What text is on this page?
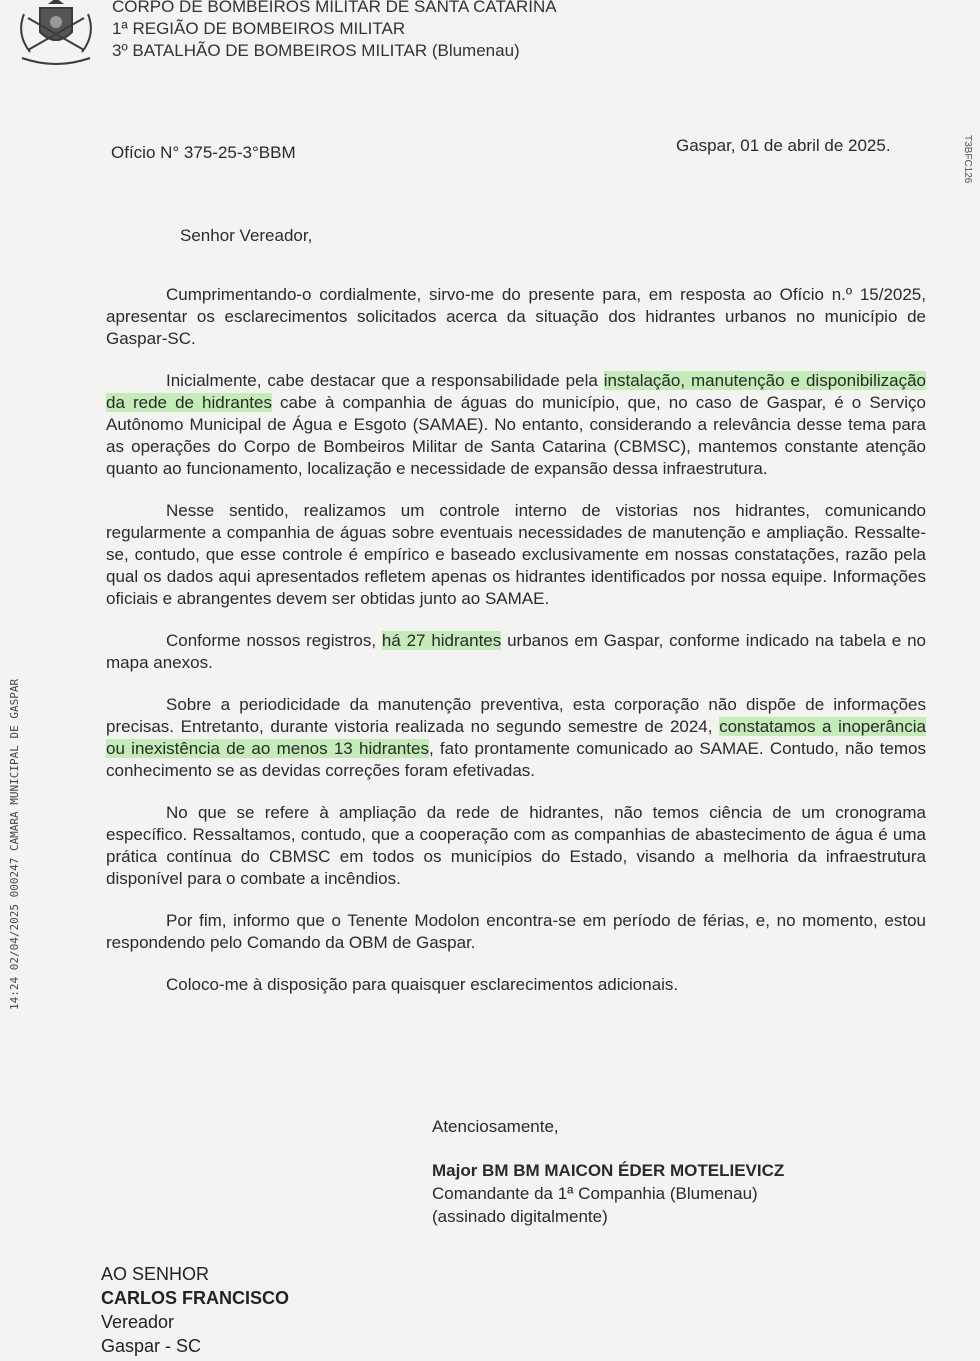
CORPO DE BOMBEIROS MILITAR DE SANTA CATARINA
1ª REGIÃO DE BOMBEIROS MILITAR
3º BATALHÃO DE BOMBEIROS MILITAR (Blumenau)
Ofício N° 375-25-3°BBM	Gaspar, 01 de abril de 2025.	T3BFC126
14:24 02/04/2025 000247 CAMARA MUNICIPAL DE GASPAR
Senhor Vereador,

Cumprimentando-o cordialmente, sirvo-me do presente para, em resposta ao Ofício n.º 15/2025, apresentar os esclarecimentos solicitados acerca da situação dos hidrantes urbanos no município de Gaspar-SC.

Inicialmente, cabe destacar que a responsabilidade pela instalação, manutenção e disponibilização da rede de hidrantes cabe à companhia de águas do município, que, no caso de Gaspar, é o Serviço Autônomo Municipal de Água e Esgoto (SAMAE). No entanto, considerando a relevância desse tema para as operações do Corpo de Bombeiros Militar de Santa Catarina (CBMSC), mantemos constante atenção quanto ao funcionamento, localização e necessidade de expansão dessa infraestrutura.

Nesse sentido, realizamos um controle interno de vistorias nos hidrantes, comunicando regularmente a companhia de águas sobre eventuais necessidades de manutenção e ampliação. Ressalte-se, contudo, que esse controle é empírico e baseado exclusivamente em nossas constatações, razão pela qual os dados aqui apresentados refletem apenas os hidrantes identificados por nossa equipe. Informações oficiais e abrangentes devem ser obtidas junto ao SAMAE.

Conforme nossos registros, há 27 hidrantes urbanos em Gaspar, conforme indicado na tabela e no mapa anexos.

Sobre a periodicidade da manutenção preventiva, esta corporação não dispõe de informações precisas. Entretanto, durante vistoria realizada no segundo semestre de 2024, constatamos a inoperância ou inexistência de ao menos 13 hidrantes, fato prontamente comunicado ao SAMAE. Contudo, não temos conhecimento se as devidas correções foram efetivadas.

No que se refere à ampliação da rede de hidrantes, não temos ciência de um cronograma específico. Ressaltamos, contudo, que a cooperação com as companhias de abastecimento de água é uma prática contínua do CBMSC em todos os municípios do Estado, visando a melhoria da infraestrutura disponível para o combate a incêndios.

Por fim, informo que o Tenente Modolon encontra-se em período de férias, e, no momento, estou respondendo pelo Comando da OBM de Gaspar.

Coloco-me à disposição para quaisquer esclarecimentos adicionais.

Atenciosamente,
Major BM BM MAICON ÉDER MOTELIEVICZ
Comandante da 1ª Companhia (Blumenau)
(assinado digitalmente)
AO SENHOR
CARLOS FRANCISCO
Vereador
Gaspar - SC
